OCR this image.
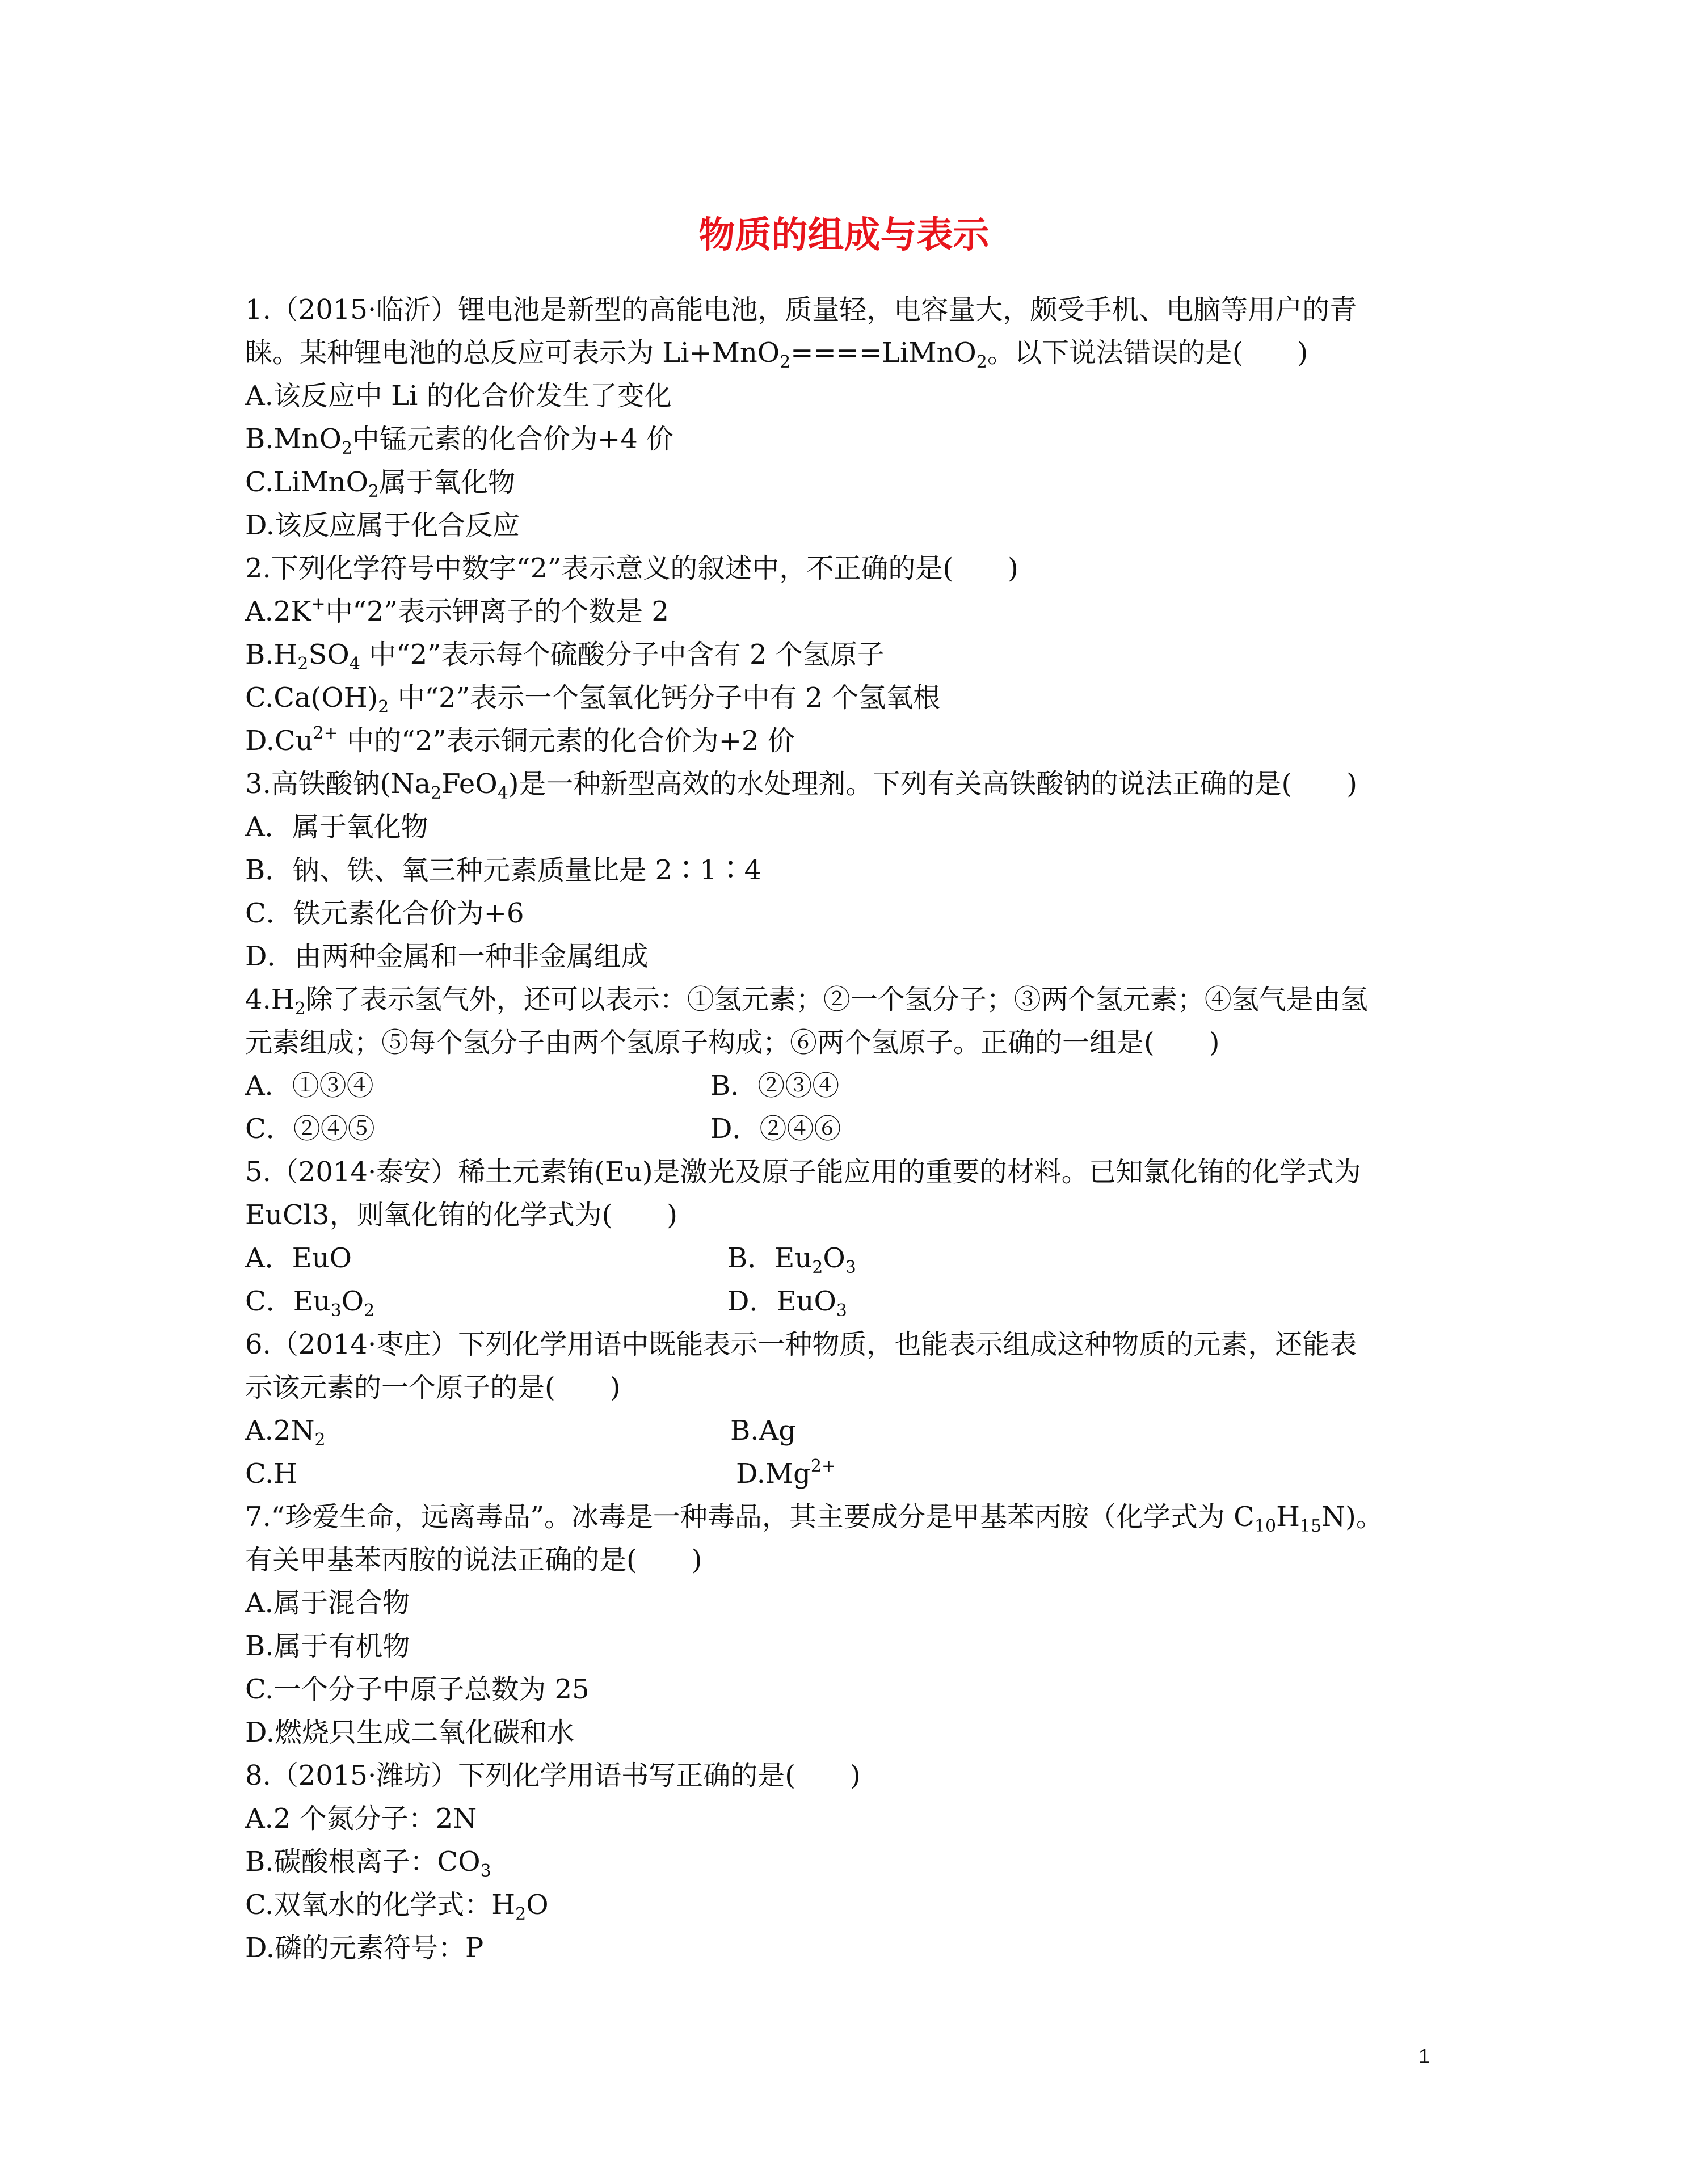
物质的组成与表示
1.（2015·临沂）锂电池是新型的高能电池，质量轻，电容量大，颇受手机、电脑等用户的青
睐。某种锂电池的总反应可表示为 Li+MnO$_2$====LiMnO$_2$。以下说法错误的是(　　)
A.该反应中 Li 的化合价发生了变化
B.MnO$_2$中锰元素的化合价为+4 价
C.LiMnO$_2$属于氧化物
D.该反应属于化合反应
2.下列化学符号中数字“2”表示意义的叙述中，不正确的是(　　)
A.2K+中“2”表示钾离子的个数是 2
$B.H_2SO_4$ 中“2”表示每个硫酸分子中含有 2 个氢原子
$C.Ca(OH)_2$ 中“2”表示一个氢氧化钙分子中有 2 个氢氧根
$D.Cu^{2+}$ 中的“2”表示铜元素的化合价为+2 价
3.高铁酸钠$(Na_2FeO_4)$是一种新型高效的水处理剂。下列有关高铁酸钠的说法正确的是(　　)
A．属于氧化物
B．钠、铁、氧三种元素质量比是 2∶1∶4
C．铁元素化合价为+6
D．由两种金属和一种非金属组成
$4.H_2$除了表示氢气外，还可以表示：①氢元素；②一个氢分子；③两个氢元素；④氢气是由氢
元素组成；⑤每个氢分子由两个氢原子构成；⑥两个氢原子。正确的一组是(　　)
A．①③④	B．②③④
C．②④⑤	D．②④⑥
5.（2014·泰安）稀土元素铕(Eu)是激光及原子能应用的重要的材料。已知氯化铕的化学式为
EuCl3，则氧化铕的化学式为(　　)
A．EuO	B．$Eu_2O_3$
C．$Eu_3O_2$	D．EuO$_3$
6.（2014·枣庄）下列化学用语中既能表示一种物质，也能表示组成这种物质的元素，还能表
示该元素的一个原子的是(　　)
$A.2N_2$	B.Ag
C.H	$D.Mg^{2+}$
7.“珍爱生命，远离毒品”。冰毒是一种毒品，其主要成分是甲基苯丙胺（化学式为 $C_{10}H_{15}N$)。
有关甲基苯丙胺的说法正确的是(　　)
A.属于混合物
B.属于有机物
C.一个分子中原子总数为 25
D.燃烧只生成二氧化碳和水
8.（2015·潍坊）下列化学用语书写正确的是(　　)
A.2 个氮分子：2N
B.碳酸根离子：$CO_3$
C.双氧水的化学式：$H_2O$
D.磷的元素符号：P
1
